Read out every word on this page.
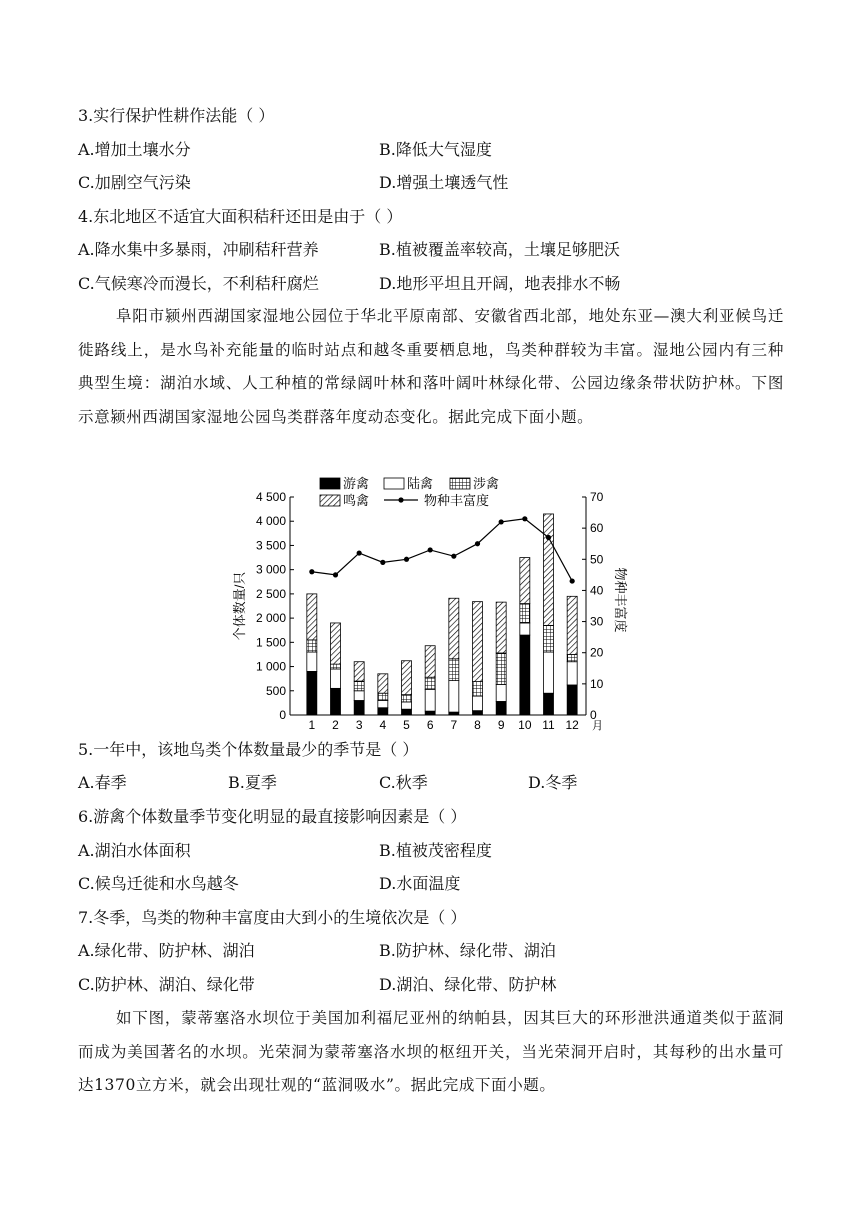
3.实行保护性耕作法能（ ）
A.增加土壤水分	B.降低大气湿度
C.加剧空气污染	D.增强土壤透气性
4.东北地区不适宜大面积秸秆还田是由于（ ）
A.降水集中多暴雨，冲刷秸秆营养	B.植被覆盖率较高，土壤足够肥沃
C.气候寒冷而漫长，不利秸秆腐烂	D.地形平坦且开阔，地表排水不畅
阜阳市颍州西湖国家湿地公园位于华北平原南部、安徽省西北部，地处东亚—澳大利亚候鸟迁徙路线上，是水鸟补充能量的临时站点和越冬重要栖息地，鸟类种群较为丰富。湿地公园内有三种典型生境：湖泊水域、人工种植的常绿阔叶林和落叶阔叶林绿化带、公园边缘条带状防护林。下图示意颍州西湖国家湿地公园鸟类群落年度动态变化。据此完成下面小题。
游禽	陆禽	涉禽
鸣禽	物种丰富度
0
500
1 000
1 500
2 000
2 500
3 000
3 500
4 000
4 500
0
10
20
30
40
50
60
70
1 2 3 4 5 6 7 8 9 10 11 12 月
个体数量/只	物种丰富度
5.一年中，该地鸟类个体数量最少的季节是（ ）
A.春季	B.夏季	C.秋季	D.冬季
6.游禽个体数量季节变化明显的最直接影响因素是（ ）
A.湖泊水体面积	B.植被茂密程度
C.候鸟迁徙和水鸟越冬	D.水面温度
7.冬季，鸟类的物种丰富度由大到小的生境依次是（ ）
A.绿化带、防护林、湖泊	B.防护林、绿化带、湖泊
C.防护林、湖泊、绿化带	D.湖泊、绿化带、防护林
如下图，蒙蒂塞洛水坝位于美国加利福尼亚州的纳帕县，因其巨大的环形泄洪通道类似于蓝洞而成为美国著名的水坝。光荣洞为蒙蒂塞洛水坝的枢纽开关，当光荣洞开启时，其每秒的出水量可达1370立方米，就会出现壮观的“蓝洞吸水”。据此完成下面小题。
